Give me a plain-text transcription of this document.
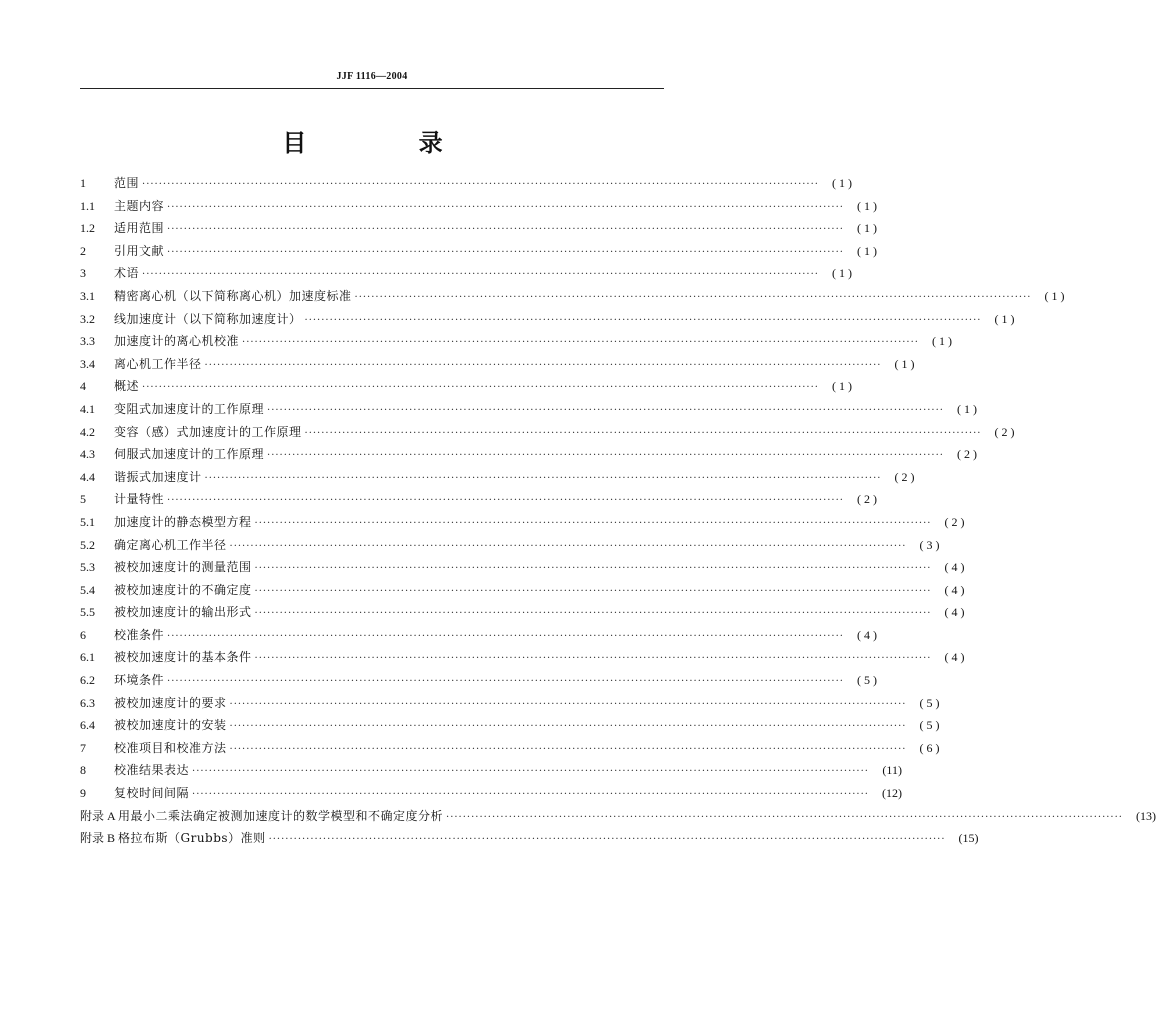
JJF 1116—2004
目 录
1	范围 ·····	( 1 )
1.1	主题内容 ·····	( 1 )
1.2	适用范围 ·····	( 1 )
2	引用文献 ·····	( 1 )
3	术语 ·····	( 1 )
3.1	精密离心机（以下简称离心机）加速度标准 ·····	( 1 )
3.2	线加速度计（以下简称加速度计） ·····	( 1 )
3.3	加速度计的离心机校准 ·····	( 1 )
3.4	离心机工作半径 ·····	( 1 )
4	概述 ·····	( 1 )
4.1	变阻式加速度计的工作原理 ·····	( 1 )
4.2	变容（感）式加速度计的工作原理 ·····	( 2 )
4.3	伺服式加速度计的工作原理 ·····	( 2 )
4.4	谐振式加速度计 ·····	( 2 )
5	计量特性 ·····	( 2 )
5.1	加速度计的静态模型方程 ·····	( 2 )
5.2	确定离心机工作半径 ·····	( 3 )
5.3	被校加速度计的测量范围 ·····	( 4 )
5.4	被校加速度计的不确定度 ·····	( 4 )
5.5	被校加速度计的输出形式 ·····	( 4 )
6	校准条件 ·····	( 4 )
6.1	被校加速度计的基本条件 ·····	( 4 )
6.2	环境条件 ·····	( 5 )
6.3	被校加速度计的要求 ·····	( 5 )
6.4	被校加速度计的安装 ·····	( 5 )
7	校准项目和校准方法 ·····	( 6 )
8	校准结果表达 ·····	(11)
9	复校时间间隔 ·····	(12)
附录 A 用最小二乘法确定被测加速度计的数学模型和不确定度分析 ·····	(13)
附录 B 格拉布斯（Grubbs）准则 ·····	(15)
